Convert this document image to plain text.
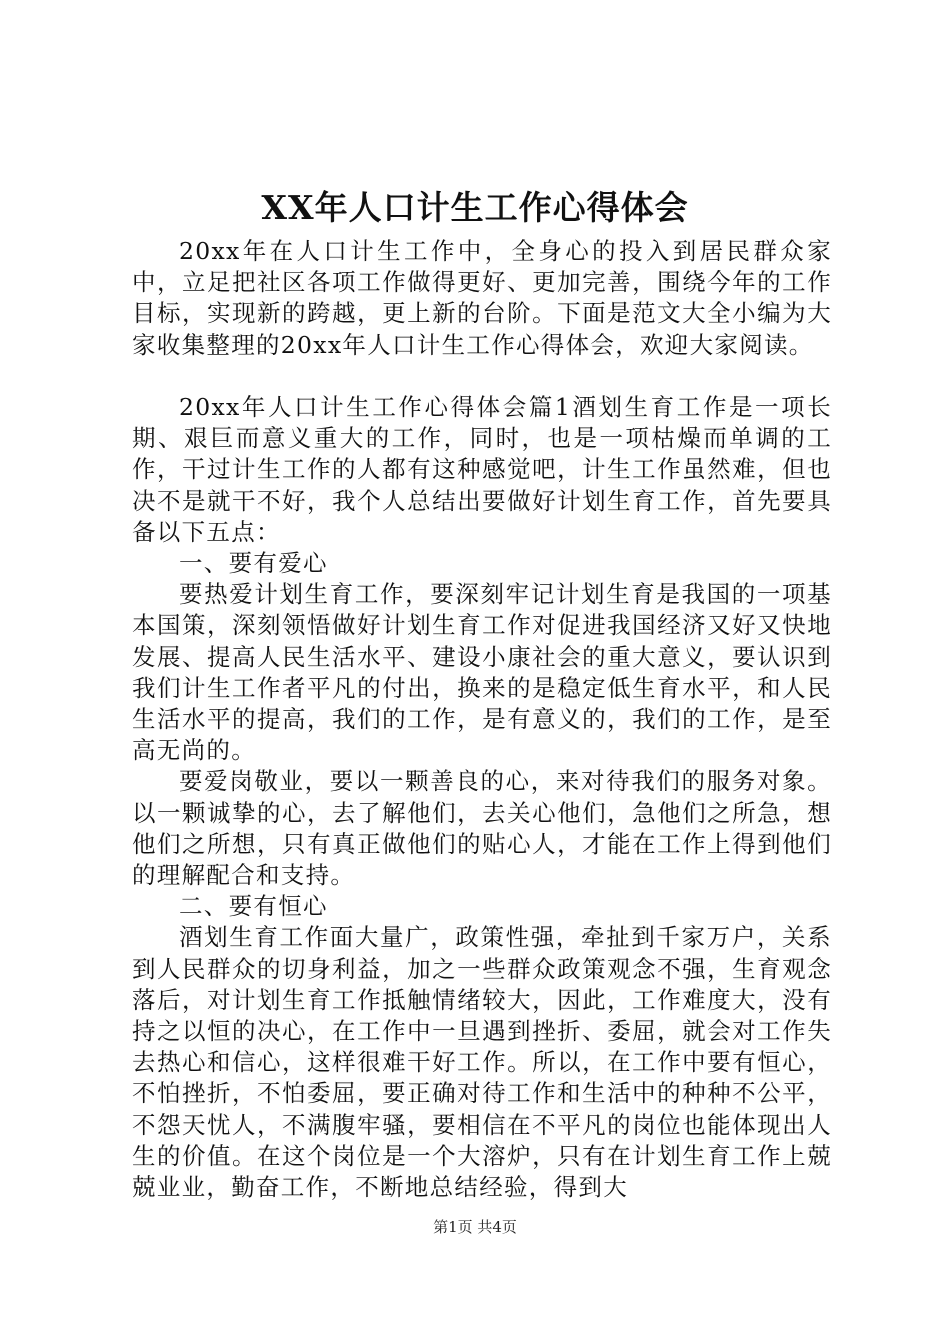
XX年人口计生工作心得体会

20xx年在人口计生工作中，全身心的投入到居民群众家中，立足把社区各项工作做得更好、更加完善，围绕今年的工作目标，实现新的跨越，更上新的台阶。下面是范文大全小编为大家收集整理的20xx年人口计生工作心得体会，欢迎大家阅读。

20xx年人口计生工作心得体会篇1酒划生育工作是一项长期、艰巨而意义重大的工作，同时，也是一项枯燥而单调的工作，干过计生工作的人都有这种感觉吧，计生工作虽然难，但也决不是就干不好，我个人总结出要做好计划生育工作，首先要具备以下五点：

一、要有爱心

要热爱计划生育工作，要深刻牢记计划生育是我国的一项基本国策，深刻领悟做好计划生育工作对促进我国经济又好又快地发展、提高人民生活水平、建设小康社会的重大意义，要认识到我们计生工作者平凡的付出，换来的是稳定低生育水平，和人民生活水平的提高，我们的工作，是有意义的，我们的工作，是至高无尚的。

要爱岗敬业，要以一颗善良的心，来对待我们的服务对象。以一颗诚挚的心，去了解他们，去关心他们，急他们之所急，想他们之所想，只有真正做他们的贴心人，才能在工作上得到他们的理解配合和支持。

二、要有恒心

酒划生育工作面大量广，政策性强，牵扯到千家万户，关系到人民群众的切身利益，加之一些群众政策观念不强，生育观念落后，对计划生育工作抵触情绪较大，因此，工作难度大，没有持之以恒的决心，在工作中一旦遇到挫折、委屈，就会对工作失去热心和信心，这样很难干好工作。所以，在工作中要有恒心，不怕挫折，不怕委屈，要正确对待工作和生活中的种种不公平，不怨天忧人，不满腹牢骚，要相信在不平凡的岗位也能体现出人生的价值。在这个岗位是一个大溶炉，只有在计划生育工作上兢兢业业，勤奋工作，不断地总结经验，得到大

第1页 共4页
